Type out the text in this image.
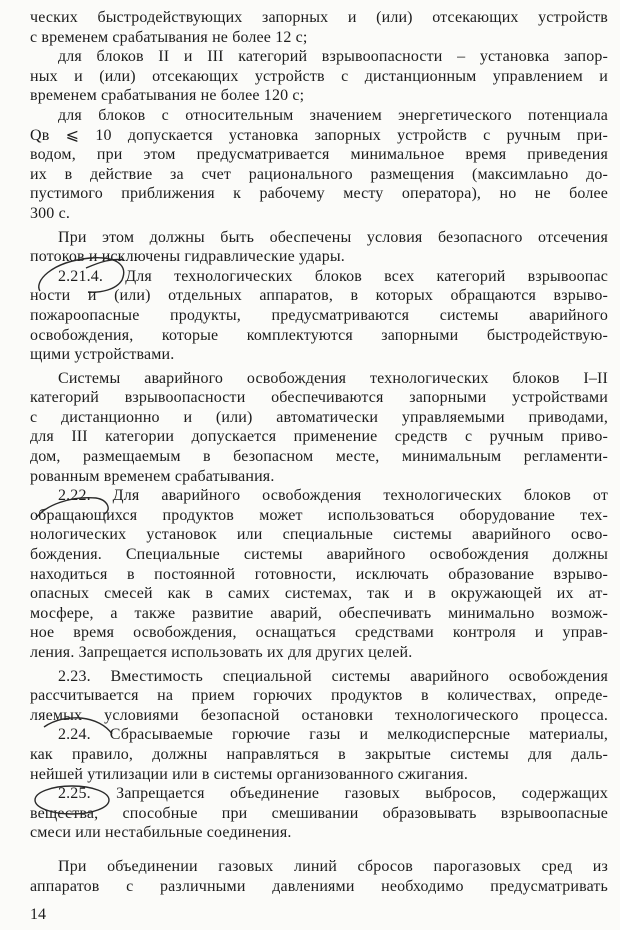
ческих быстродействующих запорных и (или) отсекающих устройств
с временем срабатывания не более 12 с;
для блоков II и III категорий взрывоопасности – установка запор-
ных и (или) отсекающих устройств с дистанционным управлением и
временем срабатывания не более 120 с;
для блоков с относительным значением энергетического потенциала
Qв ⩽ 10 допускается установка запорных устройств с ручным при-
водом, при этом предусматривается минимальное время приведения
их в действие за счет рационального размещения (максимлаьно до-
пустимого приближения к рабочему месту оператора), но не более
300 с.
При этом должны быть обеспечены условия безопасного отсечения
потоков и исключены гидравлические удары.
2.21.4. Для технологических блоков всех категорий взрывоопас
ности и (или) отдельных аппаратов, в которых обращаются взрыво-
пожароопасные продукты, предусматриваются системы аварийного
освобождения, которые комплектуются запорными быстродействую-
щими устройствами.
Системы аварийного освобождения технологических блоков I–II
категорий взрывоопасности обеспечиваются запорными устройствами
с дистанционно и (или) автоматически управляемыми приводами,
для III категории допускается применение средств с ручным приво-
дом, размещаемым в безопасном месте, минимальным регламенти-
рованным временем срабатывания.
2.22. Для аварийного освобождения технологических блоков от
обращающихся продуктов может использоваться оборудование тех-
нологических установок или специальные системы аварийного осво-
бождения. Специальные системы аварийного освобождения должны
находиться в постоянной готовности, исключать образование взрыво-
опасных смесей как в самих системах, так и в окружающей их ат-
мосфере, а также развитие аварий, обеспечивать минимально возмож-
ное время освобождения, оснащаться средствами контроля и управ-
ления. Запрещается использовать их для других целей.
2.23. Вместимость специальной системы аварийного освобождения
рассчитывается на прием горючих продуктов в количествах, опреде-
ляемых условиями безопасной остановки технологического процесса.
2.24. Сбрасываемые горючие газы и мелкодисперсные материалы,
как правило, должны направляться в закрытые системы для даль-
нейшей утилизации или в системы организованного сжигания.
2.25. Запрещается объединение газовых выбросов, содержащих
вещества, способные при смешивании образовывать взрывоопасные
смеси или нестабильные соединения.
При объединении газовых линий сбросов парогазовых сред из
аппаратов с различными давлениями необходимо предусматривать
14
